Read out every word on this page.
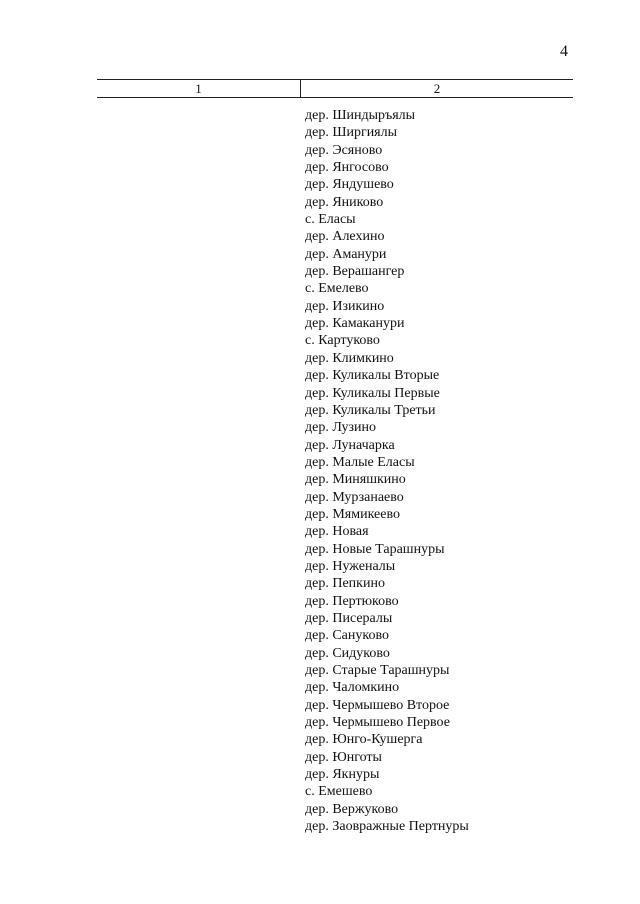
4
1	2
дер. Шиндыръялы
дер. Ширгиялы
дер. Эсяново
дер. Янгосово
дер. Яндушево
дер. Яниково
с. Еласы
дер. Алехино
дер. Аманури
дер. Верашангер
с. Емелево
дер. Изикино
дер. Камаканури
с. Картуково
дер. Климкино
дер. Куликалы Вторые
дер. Куликалы Первые
дер. Куликалы Третьи
дер. Лузино
дер. Луначарка
дер. Малые Еласы
дер. Миняшкино
дер. Мурзанаево
дер. Мямикеево
дер. Новая
дер. Новые Тарашнуры
дер. Нуженалы
дер. Пепкино
дер. Пертюково
дер. Писералы
дер. Сануково
дер. Сидуково
дер. Старые Тарашнуры
дер. Чаломкино
дер. Чермышево Второе
дер. Чермышево Первое
дер. Юнго-Кушерга
дер. Юнготы
дер. Якнуры
с. Емешево
дер. Вержуково
дер. Заовражные Пертнуры
